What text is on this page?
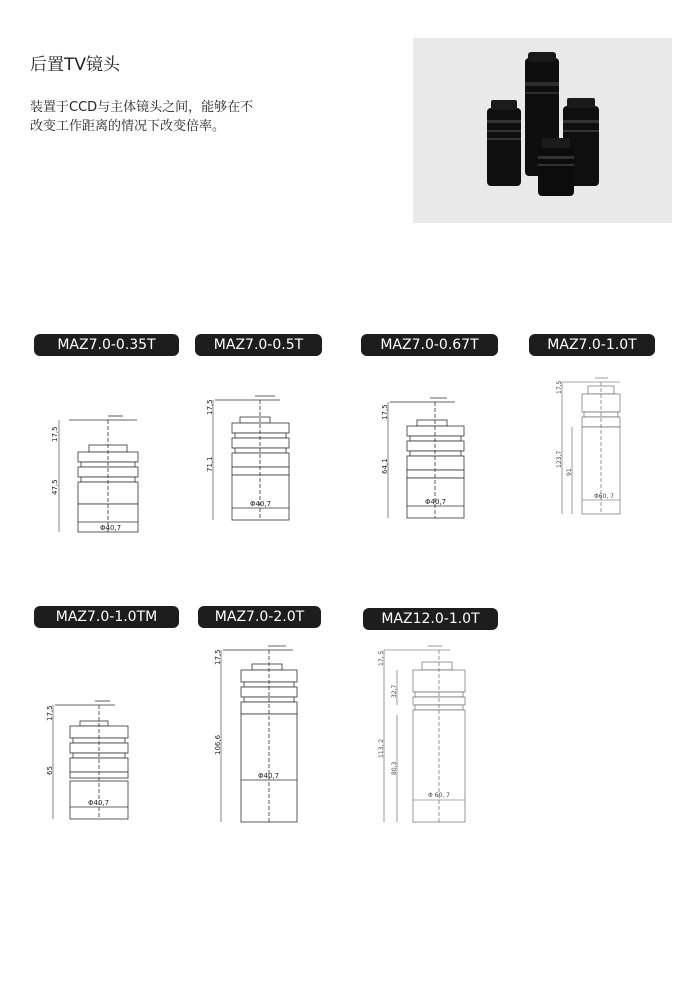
后置TV镜头
装置于CCD与主体镜头之间，能够在不
改变工作距离的情况下改变倍率。
MAZ7.0-0.35T	MAZ7.0-0.5T	MAZ7.0-0.67T	MAZ7.0-1.0T
MAZ7.0-1.0TM	MAZ7.0-2.0T	MAZ12.0-1.0T
17,5
47,5
Φ40,7
17,5
71,1
Φ40,7
17,5
64,1
Φ40,7
17,5
123,7
91
Φ60, 7
17,5
65
Φ40,7
17,5
106,6
Φ40,7
17, 5
32,7
113, 2
80,3
Φ 60, 7
